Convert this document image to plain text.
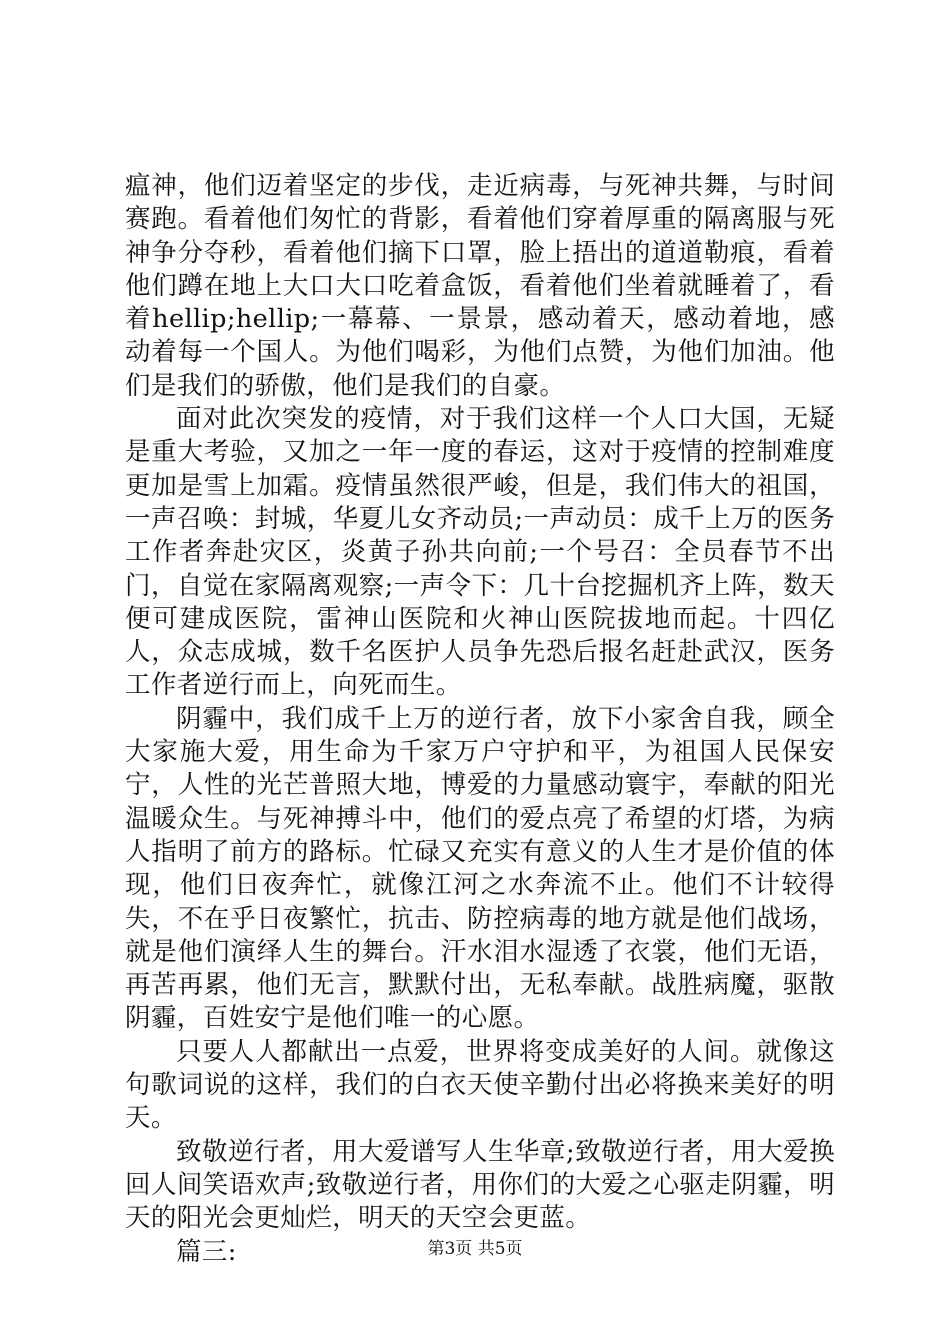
瘟神，他们迈着坚定的步伐，走近病毒，与死神共舞，与时间赛跑。看着他们匆忙的背影，看着他们穿着厚重的隔离服与死神争分夺秒，看着他们摘下口罩，脸上捂出的道道勒痕，看着他们蹲在地上大口大口吃着盒饭，看着他们坐着就睡着了，看着hellip;hellip;一幕幕、一景景，感动着天，感动着地，感动着每一个国人。为他们喝彩，为他们点赞，为他们加油。他们是我们的骄傲，他们是我们的自豪。

面对此次突发的疫情，对于我们这样一个人口大国，无疑是重大考验，又加之一年一度的春运，这对于疫情的控制难度更加是雪上加霜。疫情虽然很严峻，但是，我们伟大的祖国，一声召唤：封城，华夏儿女齐动员;一声动员：成千上万的医务工作者奔赴灾区，炎黄子孙共向前;一个号召：全员春节不出门，自觉在家隔离观察;一声令下：几十台挖掘机齐上阵，数天便可建成医院，雷神山医院和火神山医院拔地而起。十四亿人，众志成城，数千名医护人员争先恐后报名赶赴武汉，医务工作者逆行而上，向死而生。

阴霾中，我们成千上万的逆行者，放下小家舍自我，顾全大家施大爱，用生命为千家万户守护和平，为祖国人民保安宁，人性的光芒普照大地，博爱的力量感动寰宇，奉献的阳光温暖众生。与死神搏斗中，他们的爱点亮了希望的灯塔，为病人指明了前方的路标。忙碌又充实有意义的人生才是价值的体现，他们日夜奔忙，就像江河之水奔流不止。他们不计较得失，不在乎日夜繁忙，抗击、防控病毒的地方就是他们战场，就是他们演绎人生的舞台。汗水泪水湿透了衣裳，他们无语，再苦再累，他们无言，默默付出，无私奉献。战胜病魔，驱散阴霾，百姓安宁是他们唯一的心愿。

只要人人都献出一点爱，世界将变成美好的人间。就像这句歌词说的这样，我们的白衣天使辛勤付出必将换来美好的明天。

致敬逆行者，用大爱谱写人生华章;致敬逆行者，用大爱换回人间笑语欢声;致敬逆行者，用你们的大爱之心驱走阴霾，明天的阳光会更灿烂，明天的天空会更蓝。

篇三:	第3页 共5页
